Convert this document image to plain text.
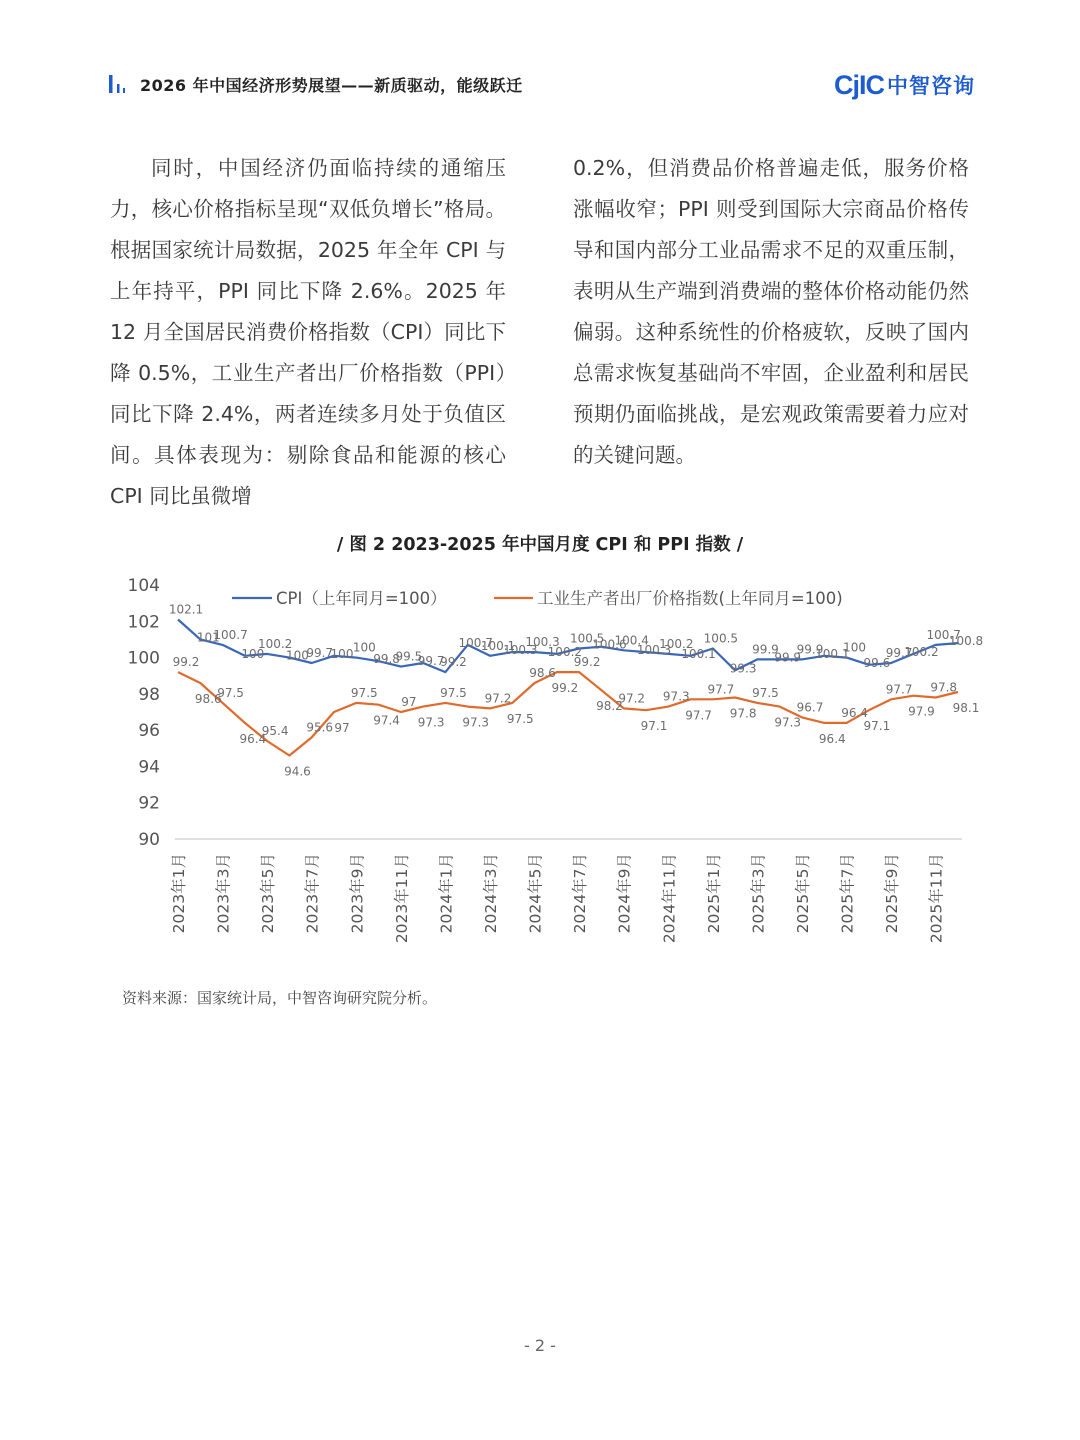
2026 年中国经济形势展望——新质驱动，能级跃迁	CjIC 中智咨询

同时，中国经济仍面临持续的通缩压力，核心价格指标呈现“双低负增长”格局。根据国家统计局数据，2025 年全年 CPI 与上年持平，PPI 同比下降 2.6%。2025 年 12 月全国居民消费价格指数（CPI）同比下降 0.5%，工业生产者出厂价格指数（PPI）同比下降 2.4%，两者连续多月处于负值区间。具体表现为：剔除食品和能源的核心 CPI 同比虽微增

0.2%，但消费品价格普遍走低，服务价格涨幅收窄；PPI 则受到国际大宗商品价格传导和国内部分工业品需求不足的双重压制，表明从生产端到消费端的整体价格动能仍然偏弱。这种系统性的价格疲软，反映了国内总需求恢复基础尚不牢固，企业盈利和居民预期仍面临挑战，是宏观政策需要着力应对的关键问题。

/ 图 2 2023-2025 年中国月度 CPI 和 PPI 指数 /
90
92
94
96
98
100
102
104
2023年1月 2023年3月 2023年5月 2023年7月 2023年9月 2023年11月 2024年1月 2024年3月 2024年5月 2024年7月 2024年9月 2024年11月 2025年1月 2025年3月 2025年5月 2025年7月 2025年9月 2025年11月
CPI（上年同月=100）	工业生产者出厂价格指数(上年同月=100)
102.1
101
100.7
100
100.2
100
99.7
100 100
99.8
99.5
99.7
99.2
100.7
100.1
100.3
100.3
100.2
100.5
100.6
100.4
100.3
100.2
100.1
100.5
99.3
99.9
99.9
99.9
100.1
100
99.6
99.7
100.2
100.7
100.8
99.2
98.6
97.5
96.4
95.4
94.6
95.6 97
97.5
97.4
97
97.3
97.5
97.3
97.2
97.5
98.6
99.2
99.2
98.2
97.2
97.1
97.3
97.7
97.7
97.8
97.5
97.3
96.7
96.4
96.4
97.1
97.7
97.9
97.8
98.1
资料来源：国家统计局，中智咨询研究院分析。
- 2 -
